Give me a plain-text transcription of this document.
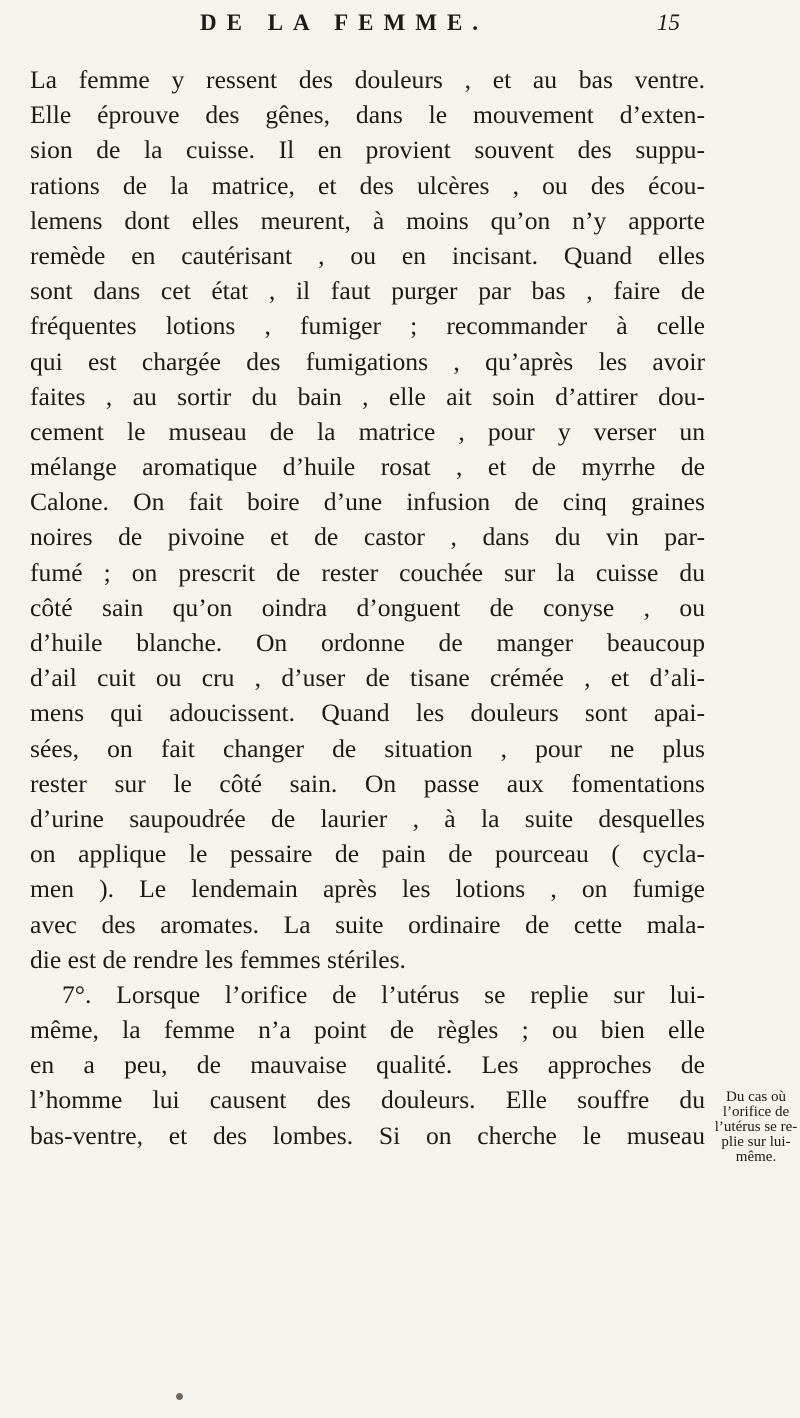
DE LA FEMME.	15
La femme y ressent des douleurs , et au bas ventre.
Elle éprouve des gênes, dans le mouvement d’exten-
sion de la cuisse. Il en provient souvent des suppu-
rations de la matrice, et des ulcères , ou des écou-
lemens dont elles meurent, à moins qu’on n’y apporte
remède en cautérisant , ou en incisant. Quand elles
sont dans cet état , il faut purger par bas , faire de
fréquentes lotions , fumiger ; recommander à celle
qui est chargée des fumigations , qu’après les avoir
faites , au sortir du bain , elle ait soin d’attirer dou-
cement le museau de la matrice , pour y verser un
mélange aromatique d’huile rosat , et de myrrhe de
Calone. On fait boire d’une infusion de cinq graines
noires de pivoine et de castor , dans du vin par-
fumé ; on prescrit de rester couchée sur la cuisse du
côté sain qu’on oindra d’onguent de conyse , ou
d’huile blanche. On ordonne de manger beaucoup
d’ail cuit ou cru , d’user de tisane crémée , et d’ali-
mens qui adoucissent. Quand les douleurs sont apai-
sées, on fait changer de situation , pour ne plus
rester sur le côté sain. On passe aux fomentations
d’urine saupoudrée de laurier , à la suite desquelles
on applique le pessaire de pain de pourceau ( cycla-
men ). Le lendemain après les lotions , on fumige
avec des aromates. La suite ordinaire de cette mala-
die est de rendre les femmes stériles.
7°. Lorsque l’orifice de l’utérus se replie sur lui-
même, la femme n’a point de règles ; ou bien elle
en a peu, de mauvaise qualité. Les approches de
l’homme lui causent des douleurs. Elle souffre du
bas-ventre, et des lombes. Si on cherche le museau
Du cas où
l’orifice de
l’utérus se re-
plie sur lui-
même.
